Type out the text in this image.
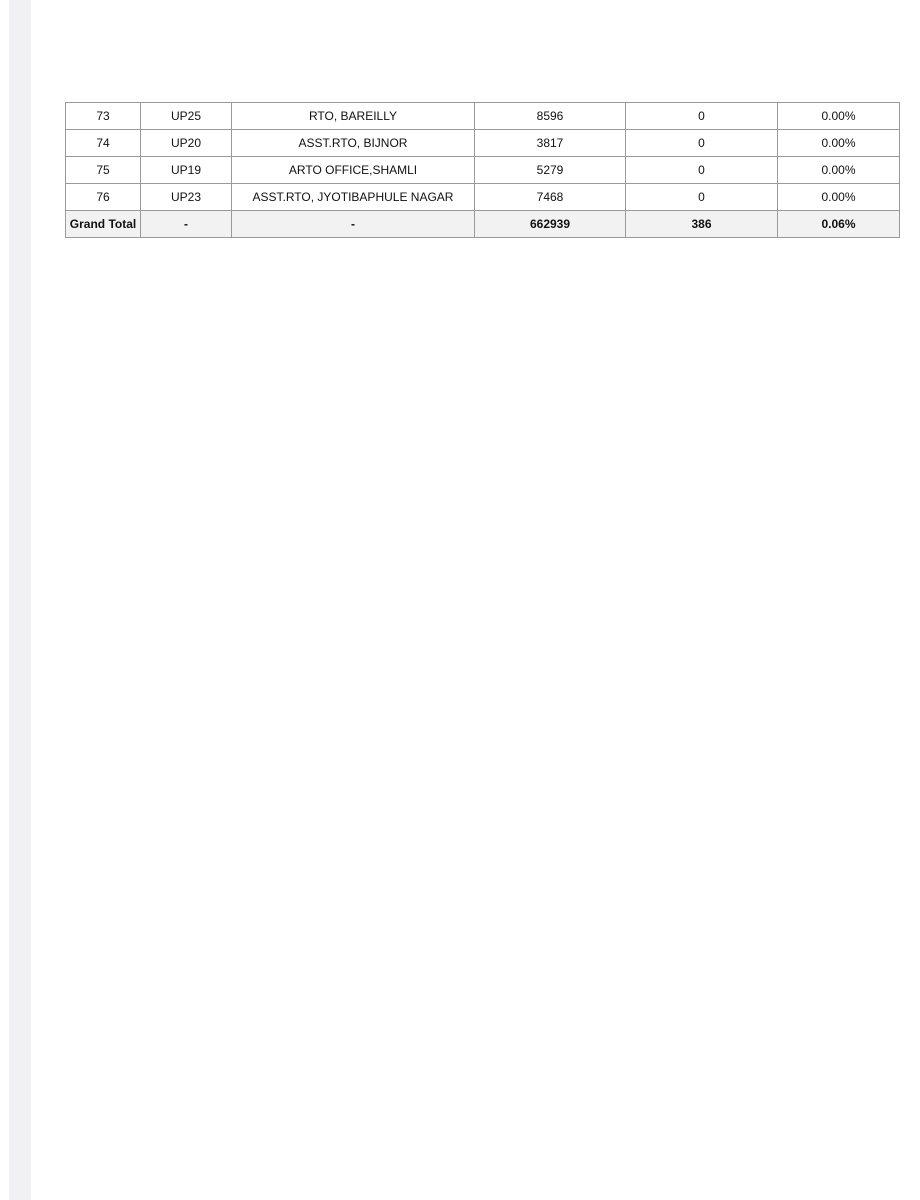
73	UP25	RTO, BAREILLY	8596	0	0.00%
74	UP20	ASST.RTO, BIJNOR	3817	0	0.00%
75	UP19	ARTO OFFICE,SHAMLI	5279	0	0.00%
76	UP23	ASST.RTO, JYOTIBAPHULE NAGAR	7468	0	0.00%
Grand Total	-	-	662939	386	0.06%
